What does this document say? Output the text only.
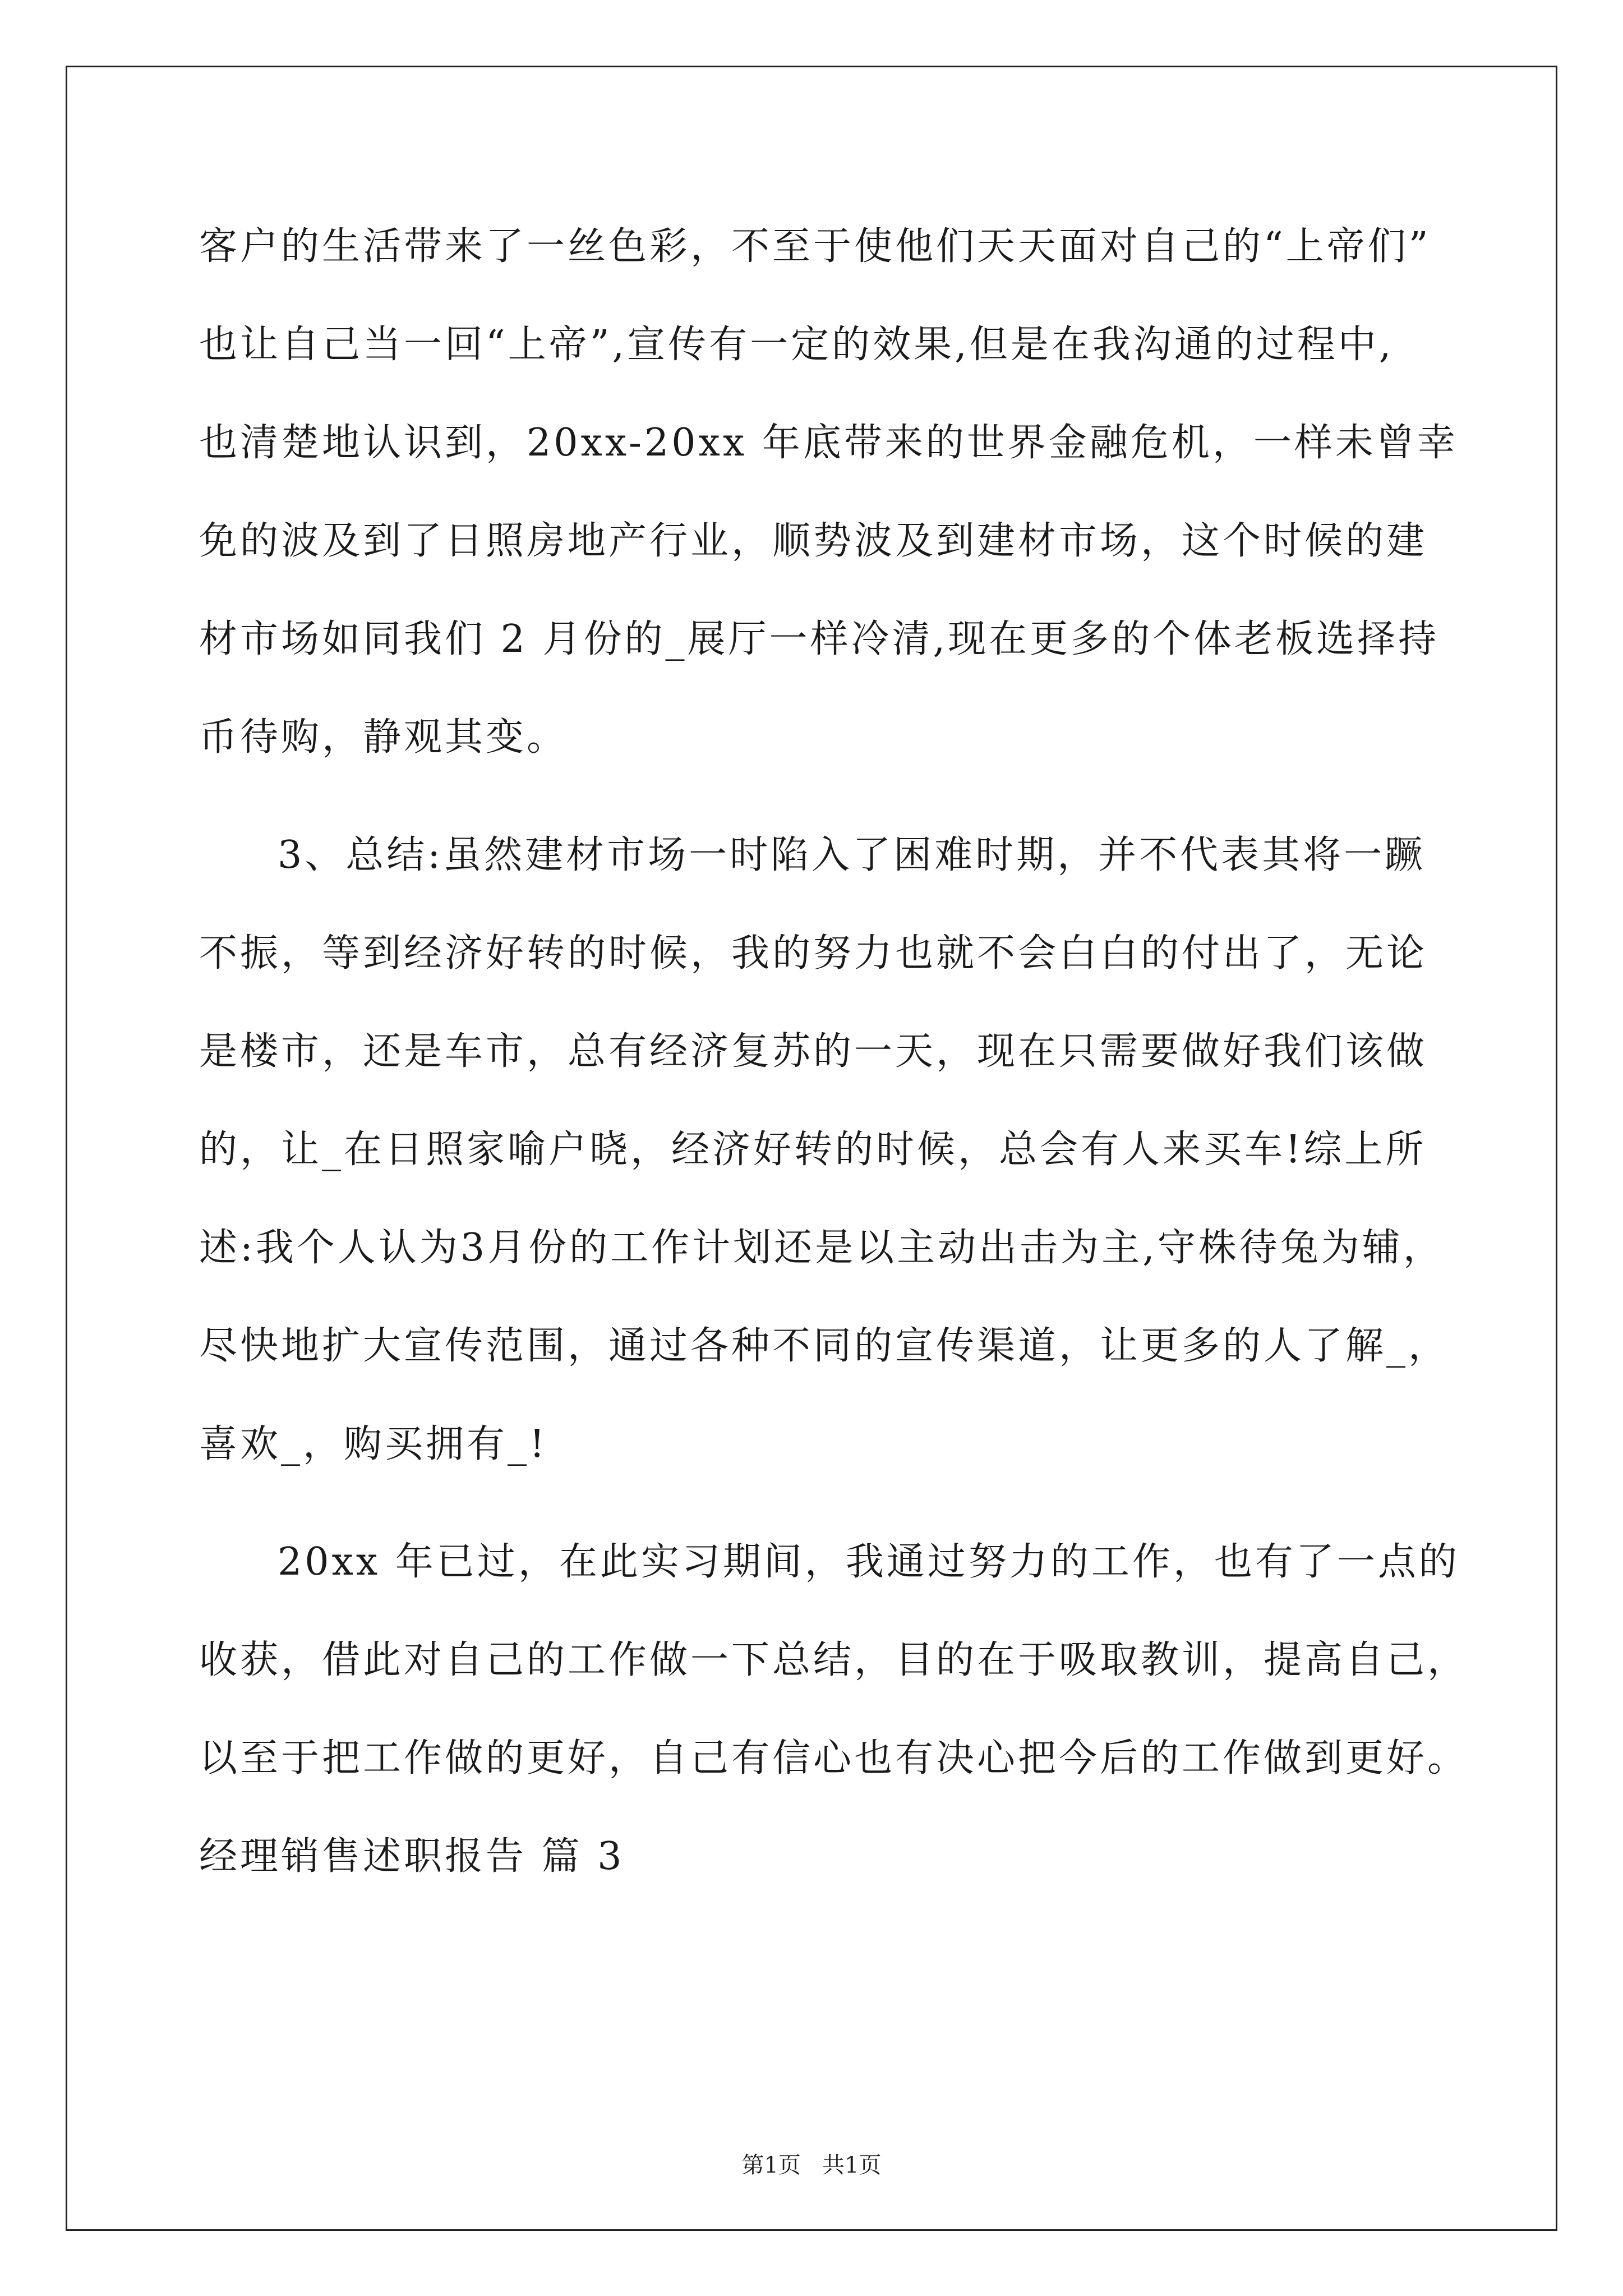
客户的生活带来了一丝色彩，不至于使他们天天面对自己的“上帝们”
也让自己当一回“上帝”,宣传有一定的效果,但是在我沟通的过程中,
也清楚地认识到，20xx-20xx 年底带来的世界金融危机，一样未曾幸
免的波及到了日照房地产行业，顺势波及到建材市场，这个时候的建
材市场如同我们 2 月份的_展厅一样冷清,现在更多的个体老板选择持
币待购，静观其变。
3、总结:虽然建材市场一时陷入了困难时期，并不代表其将一蹶
不振，等到经济好转的时候，我的努力也就不会白白的付出了，无论
是楼市，还是车市，总有经济复苏的一天，现在只需要做好我们该做
的，让_在日照家喻户晓，经济好转的时候，总会有人来买车!综上所
述:我个人认为3月份的工作计划还是以主动出击为主,守株待兔为辅，
尽快地扩大宣传范围，通过各种不同的宣传渠道，让更多的人了解_，
喜欢_，购买拥有_!
20xx 年已过，在此实习期间，我通过努力的工作，也有了一点的
收获，借此对自己的工作做一下总结，目的在于吸取教训，提高自己，
以至于把工作做的更好，自己有信心也有决心把今后的工作做到更好。
经理销售述职报告 篇 3
第1页   共1页
